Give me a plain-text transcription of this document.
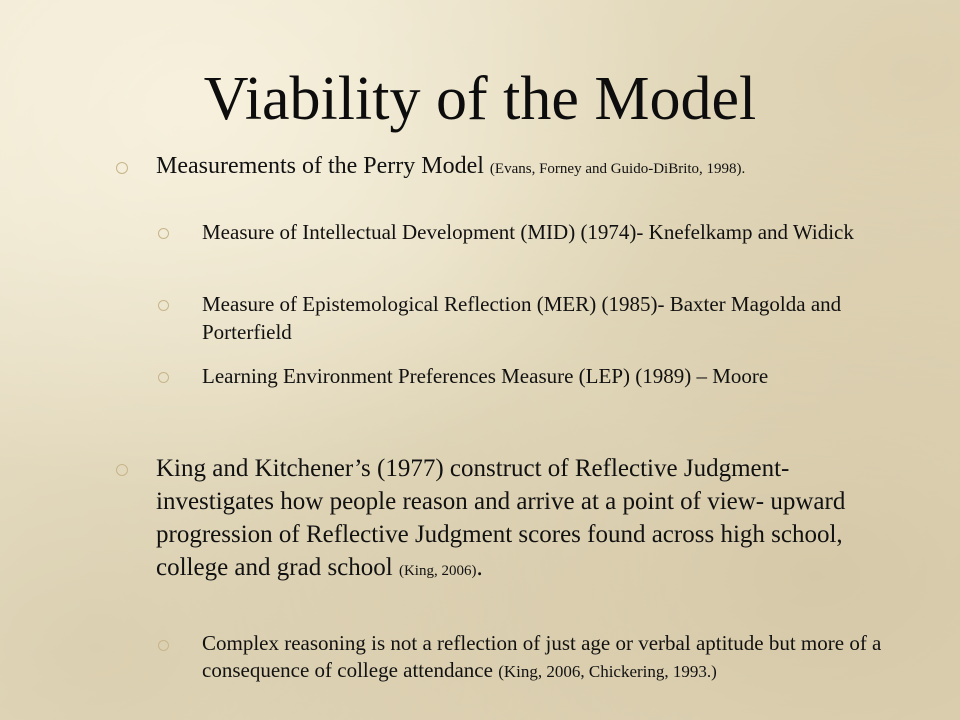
Viability of the Model
Measurements of the Perry Model (Evans, Forney and Guido-DiBrito, 1998).
Measure of Intellectual Development (MID) (1974)- Knefelkamp and Widick
Measure of Epistemological Reflection (MER) (1985)- Baxter Magolda and Porterfield
Learning Environment Preferences Measure (LEP) (1989) – Moore
King and Kitchener’s (1977) construct of Reflective Judgment- investigates how people reason and arrive at a point of view- upward progression of Reflective Judgment scores found across high school, college and grad school (King, 2006).
Complex reasoning is not a reflection of just age or verbal aptitude but more of a consequence of college attendance (King, 2006, Chickering, 1993.)
